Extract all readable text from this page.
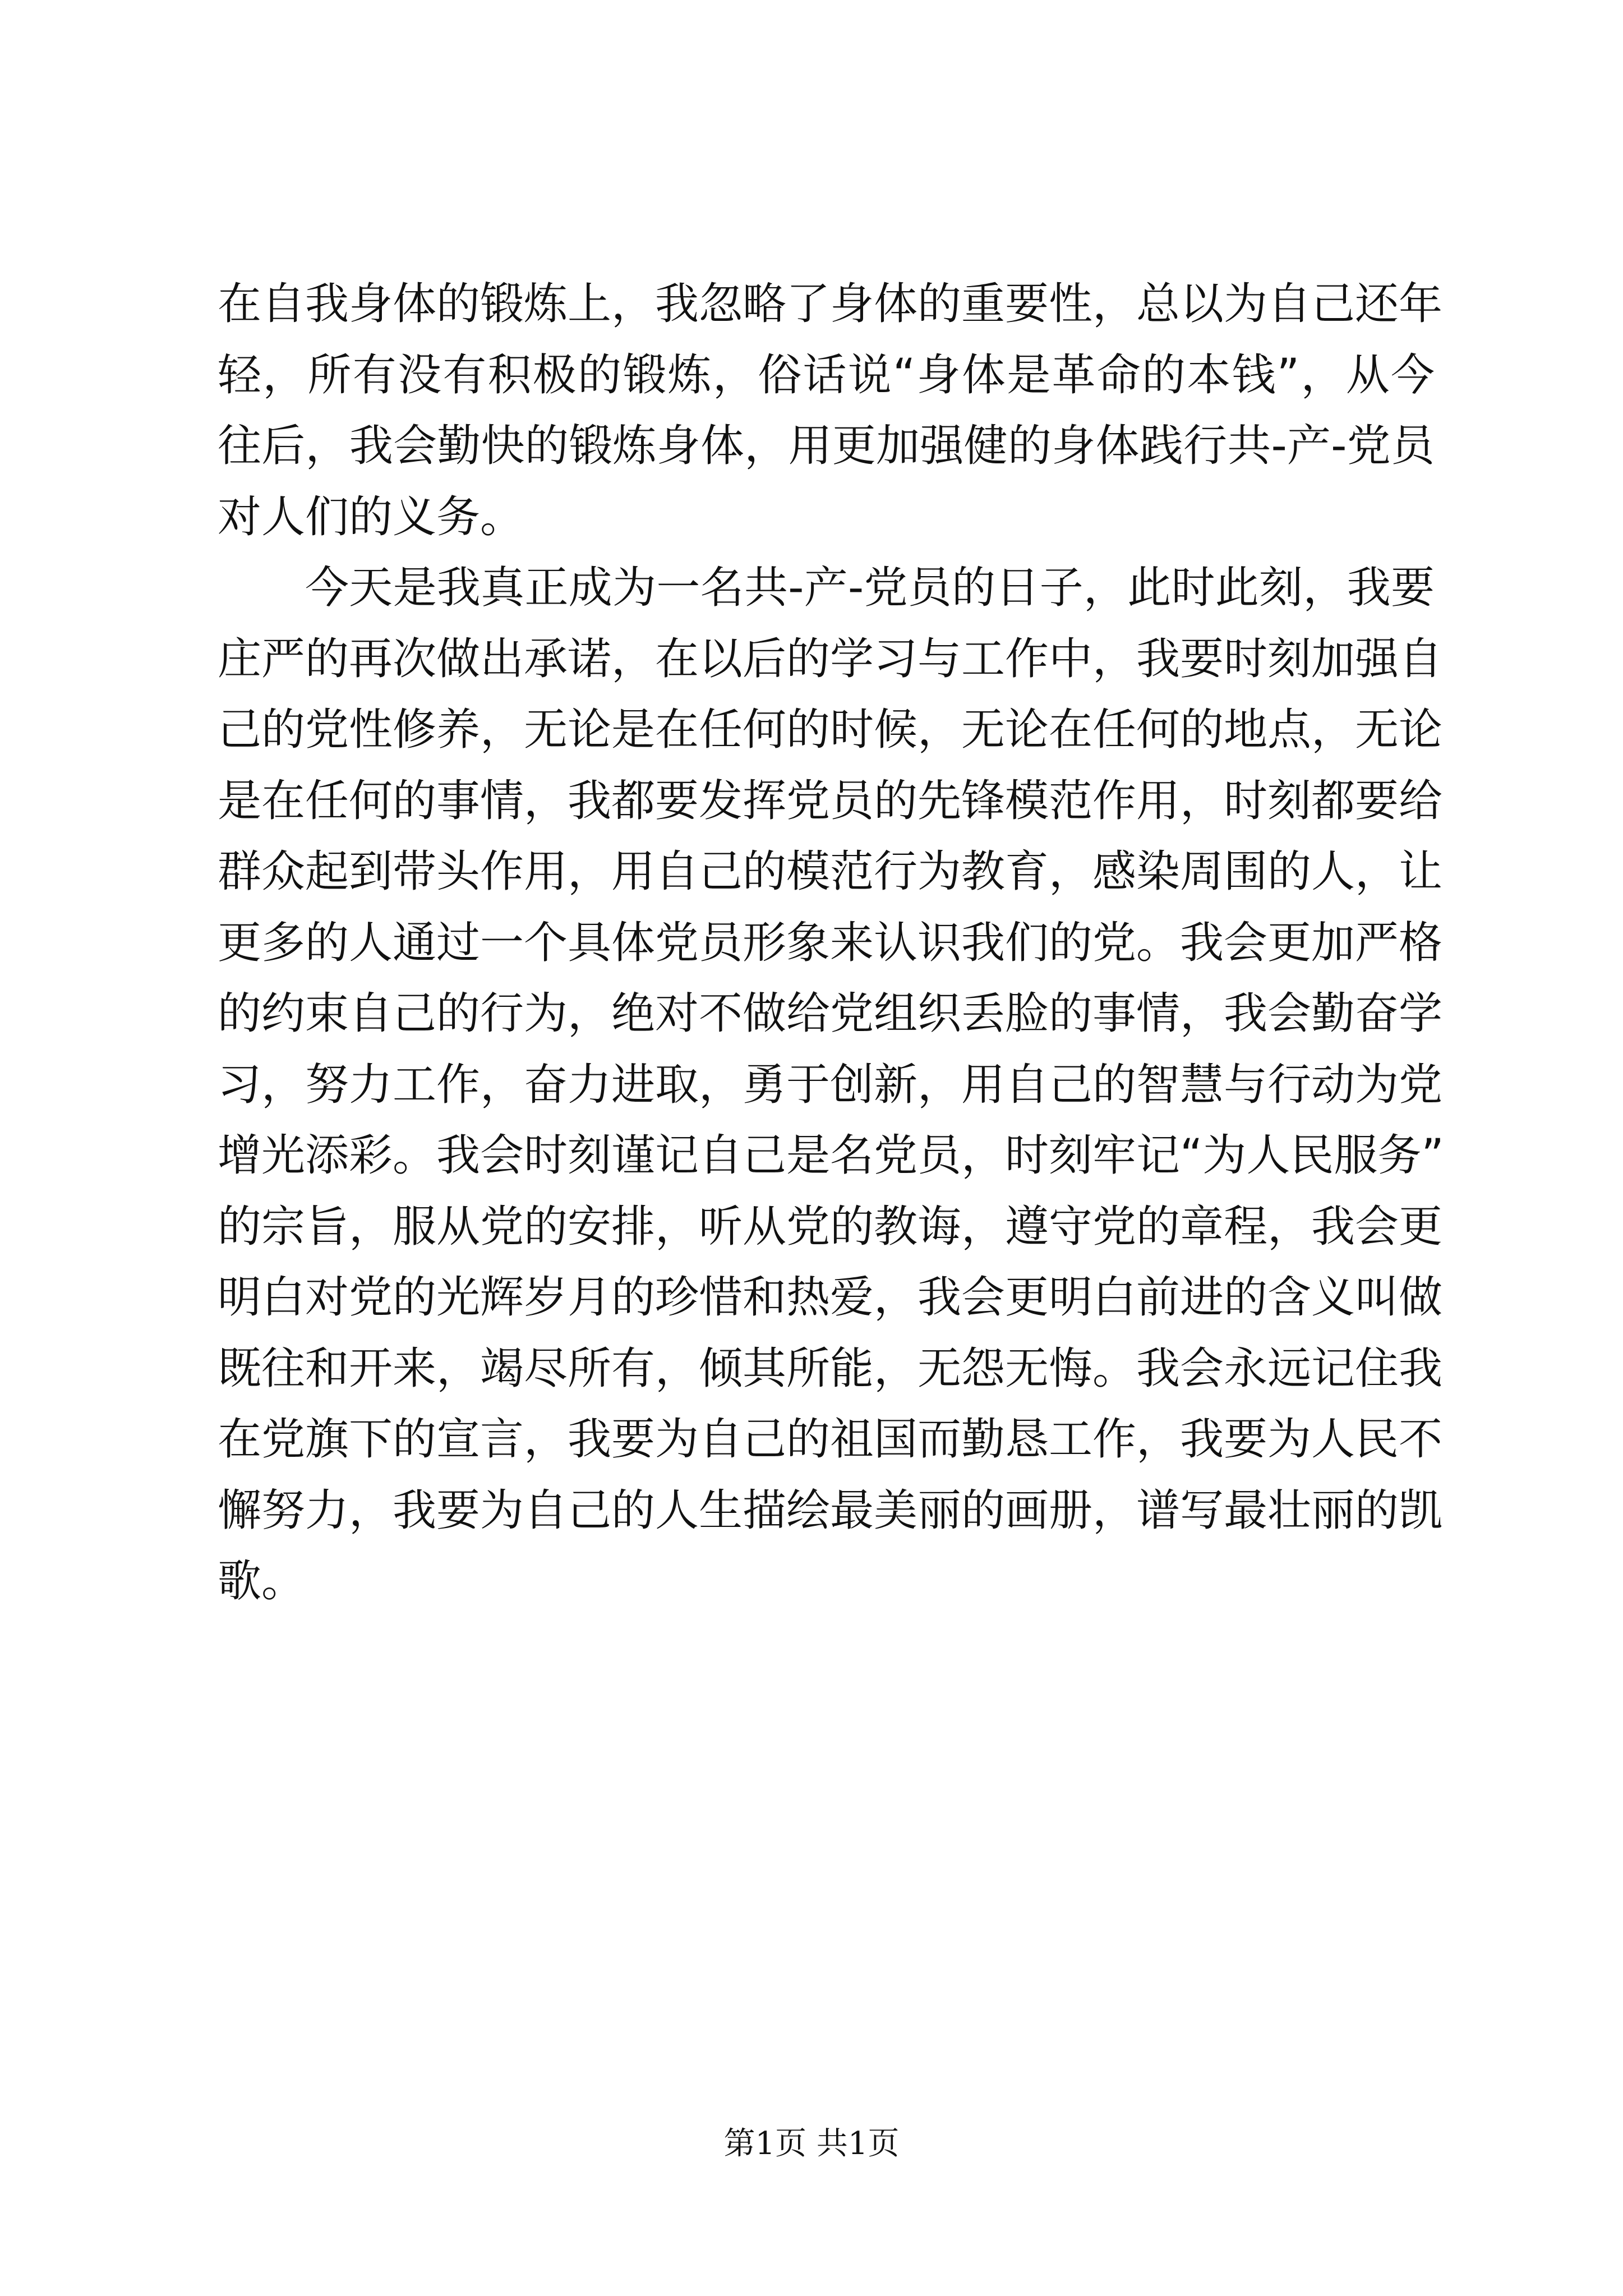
在自我身体的锻炼上，我忽略了身体的重要性，总以为自己还年
轻，所有没有积极的锻炼，俗话说“身体是革命的本钱”，从今
往后，我会勤快的锻炼身体，用更加强健的身体践行共-产-党员
对人们的义务。
今天是我真正成为一名共-产-党员的日子，此时此刻，我要
庄严的再次做出承诺，在以后的学习与工作中，我要时刻加强自
己的党性修养，无论是在任何的时候，无论在任何的地点，无论
是在任何的事情，我都要发挥党员的先锋模范作用，时刻都要给
群众起到带头作用，用自己的模范行为教育，感染周围的人，让
更多的人通过一个具体党员形象来认识我们的党。我会更加严格
的约束自己的行为，绝对不做给党组织丢脸的事情，我会勤奋学
习，努力工作，奋力进取，勇于创新，用自己的智慧与行动为党
增光添彩。我会时刻谨记自己是名党员，时刻牢记“为人民服务”
的宗旨，服从党的安排，听从党的教诲，遵守党的章程，我会更
明白对党的光辉岁月的珍惜和热爱，我会更明白前进的含义叫做
既往和开来，竭尽所有，倾其所能，无怨无悔。我会永远记住我
在党旗下的宣言，我要为自己的祖国而勤恳工作，我要为人民不
懈努力，我要为自己的人生描绘最美丽的画册，谱写最壮丽的凯
歌。
第1页 共1页
